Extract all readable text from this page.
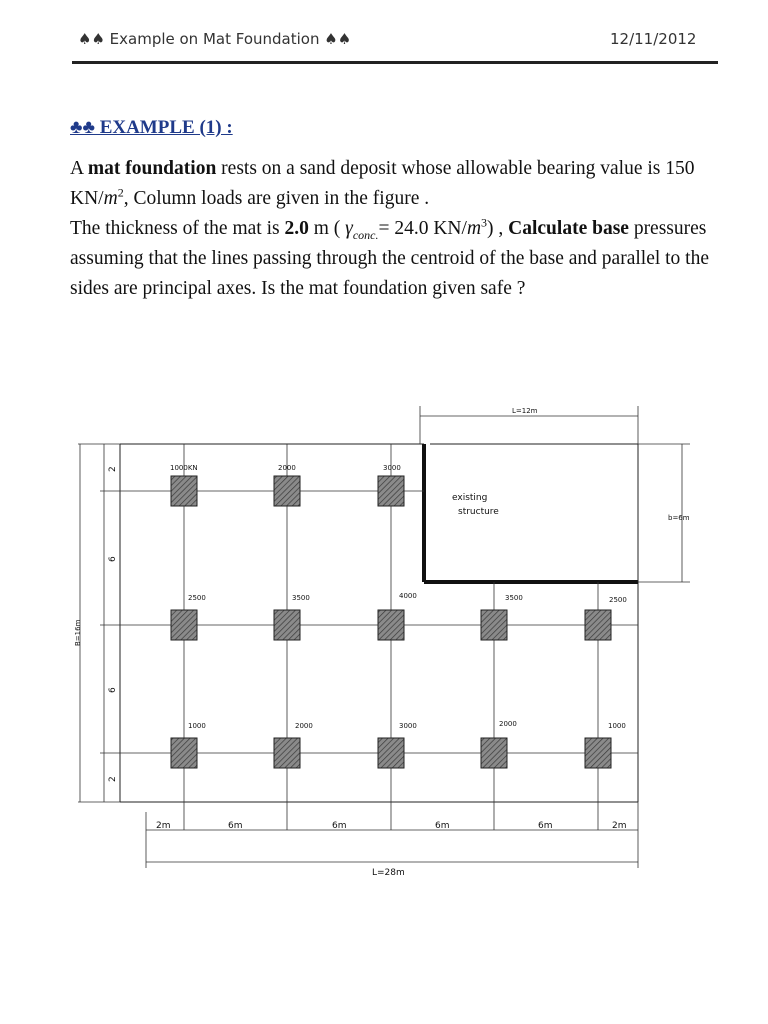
♠♠ Example on Mat Foundation ♠♠	12/11/2012
♣♣ EXAMPLE (1) :
A mat foundation rests on a sand deposit whose allowable bearing value is 150 $KN/m^2$, Column loads are given in the figure .
The thickness of the mat is 2.0 m ( $\gamma_{conc.}= 24.0$ $KN/m^3$) , Calculate base pressures assuming that the lines passing through the centroid of the base and parallel to the sides are principal axes. Is the mat foundation given safe ?
existing
structure
1000KN	2000	3000
2500	3500	4000	3500	2500
1000	2000	3000	2000	1000
L=12m
b=6m
B=16m
2
6
6
2
2m	6m	6m	6m	6m	2m
L=28m
